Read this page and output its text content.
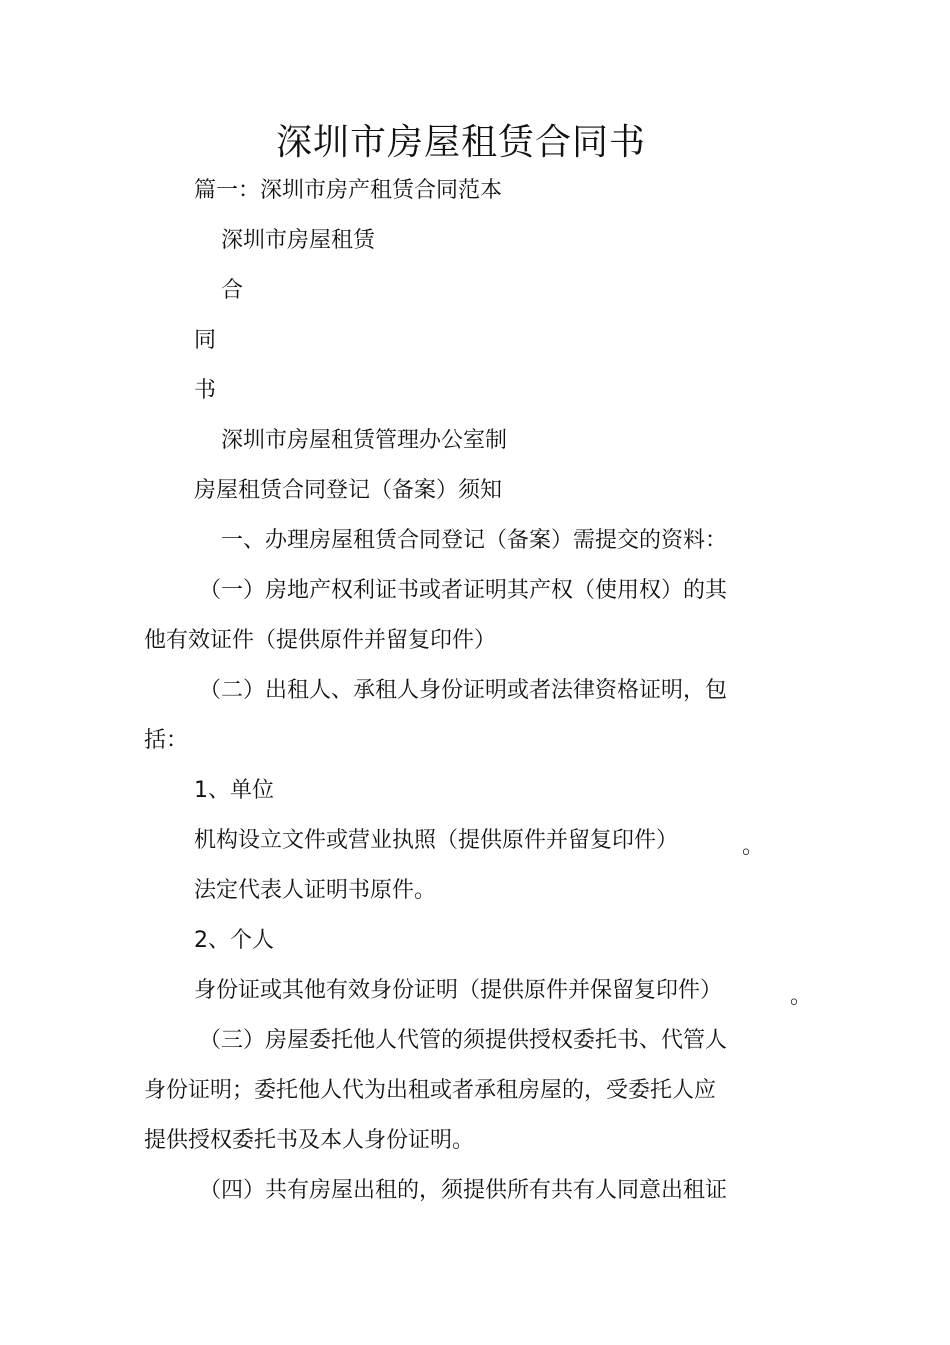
深圳市房屋租赁合同书
篇一：深圳市房产租赁合同范本
深圳市房屋租赁
合
同
书
深圳市房屋租赁管理办公室制
房屋租赁合同登记（备案）须知
一、办理房屋租赁合同登记（备案）需提交的资料：
（一）房地产权利证书或者证明其产权（使用权）的其
他有效证件（提供原件并留复印件）
（二）出租人、承租人身份证明或者法律资格证明，包
括：
1、单位
机构设立文件或营业执照（提供原件并留复印件）	。
法定代表人证明书原件。
2、个人
身份证或其他有效身份证明（提供原件并保留复印件）	。
（三）房屋委托他人代管的须提供授权委托书、代管人
身份证明；委托他人代为出租或者承租房屋的，受委托人应
提供授权委托书及本人身份证明。
（四）共有房屋出租的，须提供所有共有人同意出租证
